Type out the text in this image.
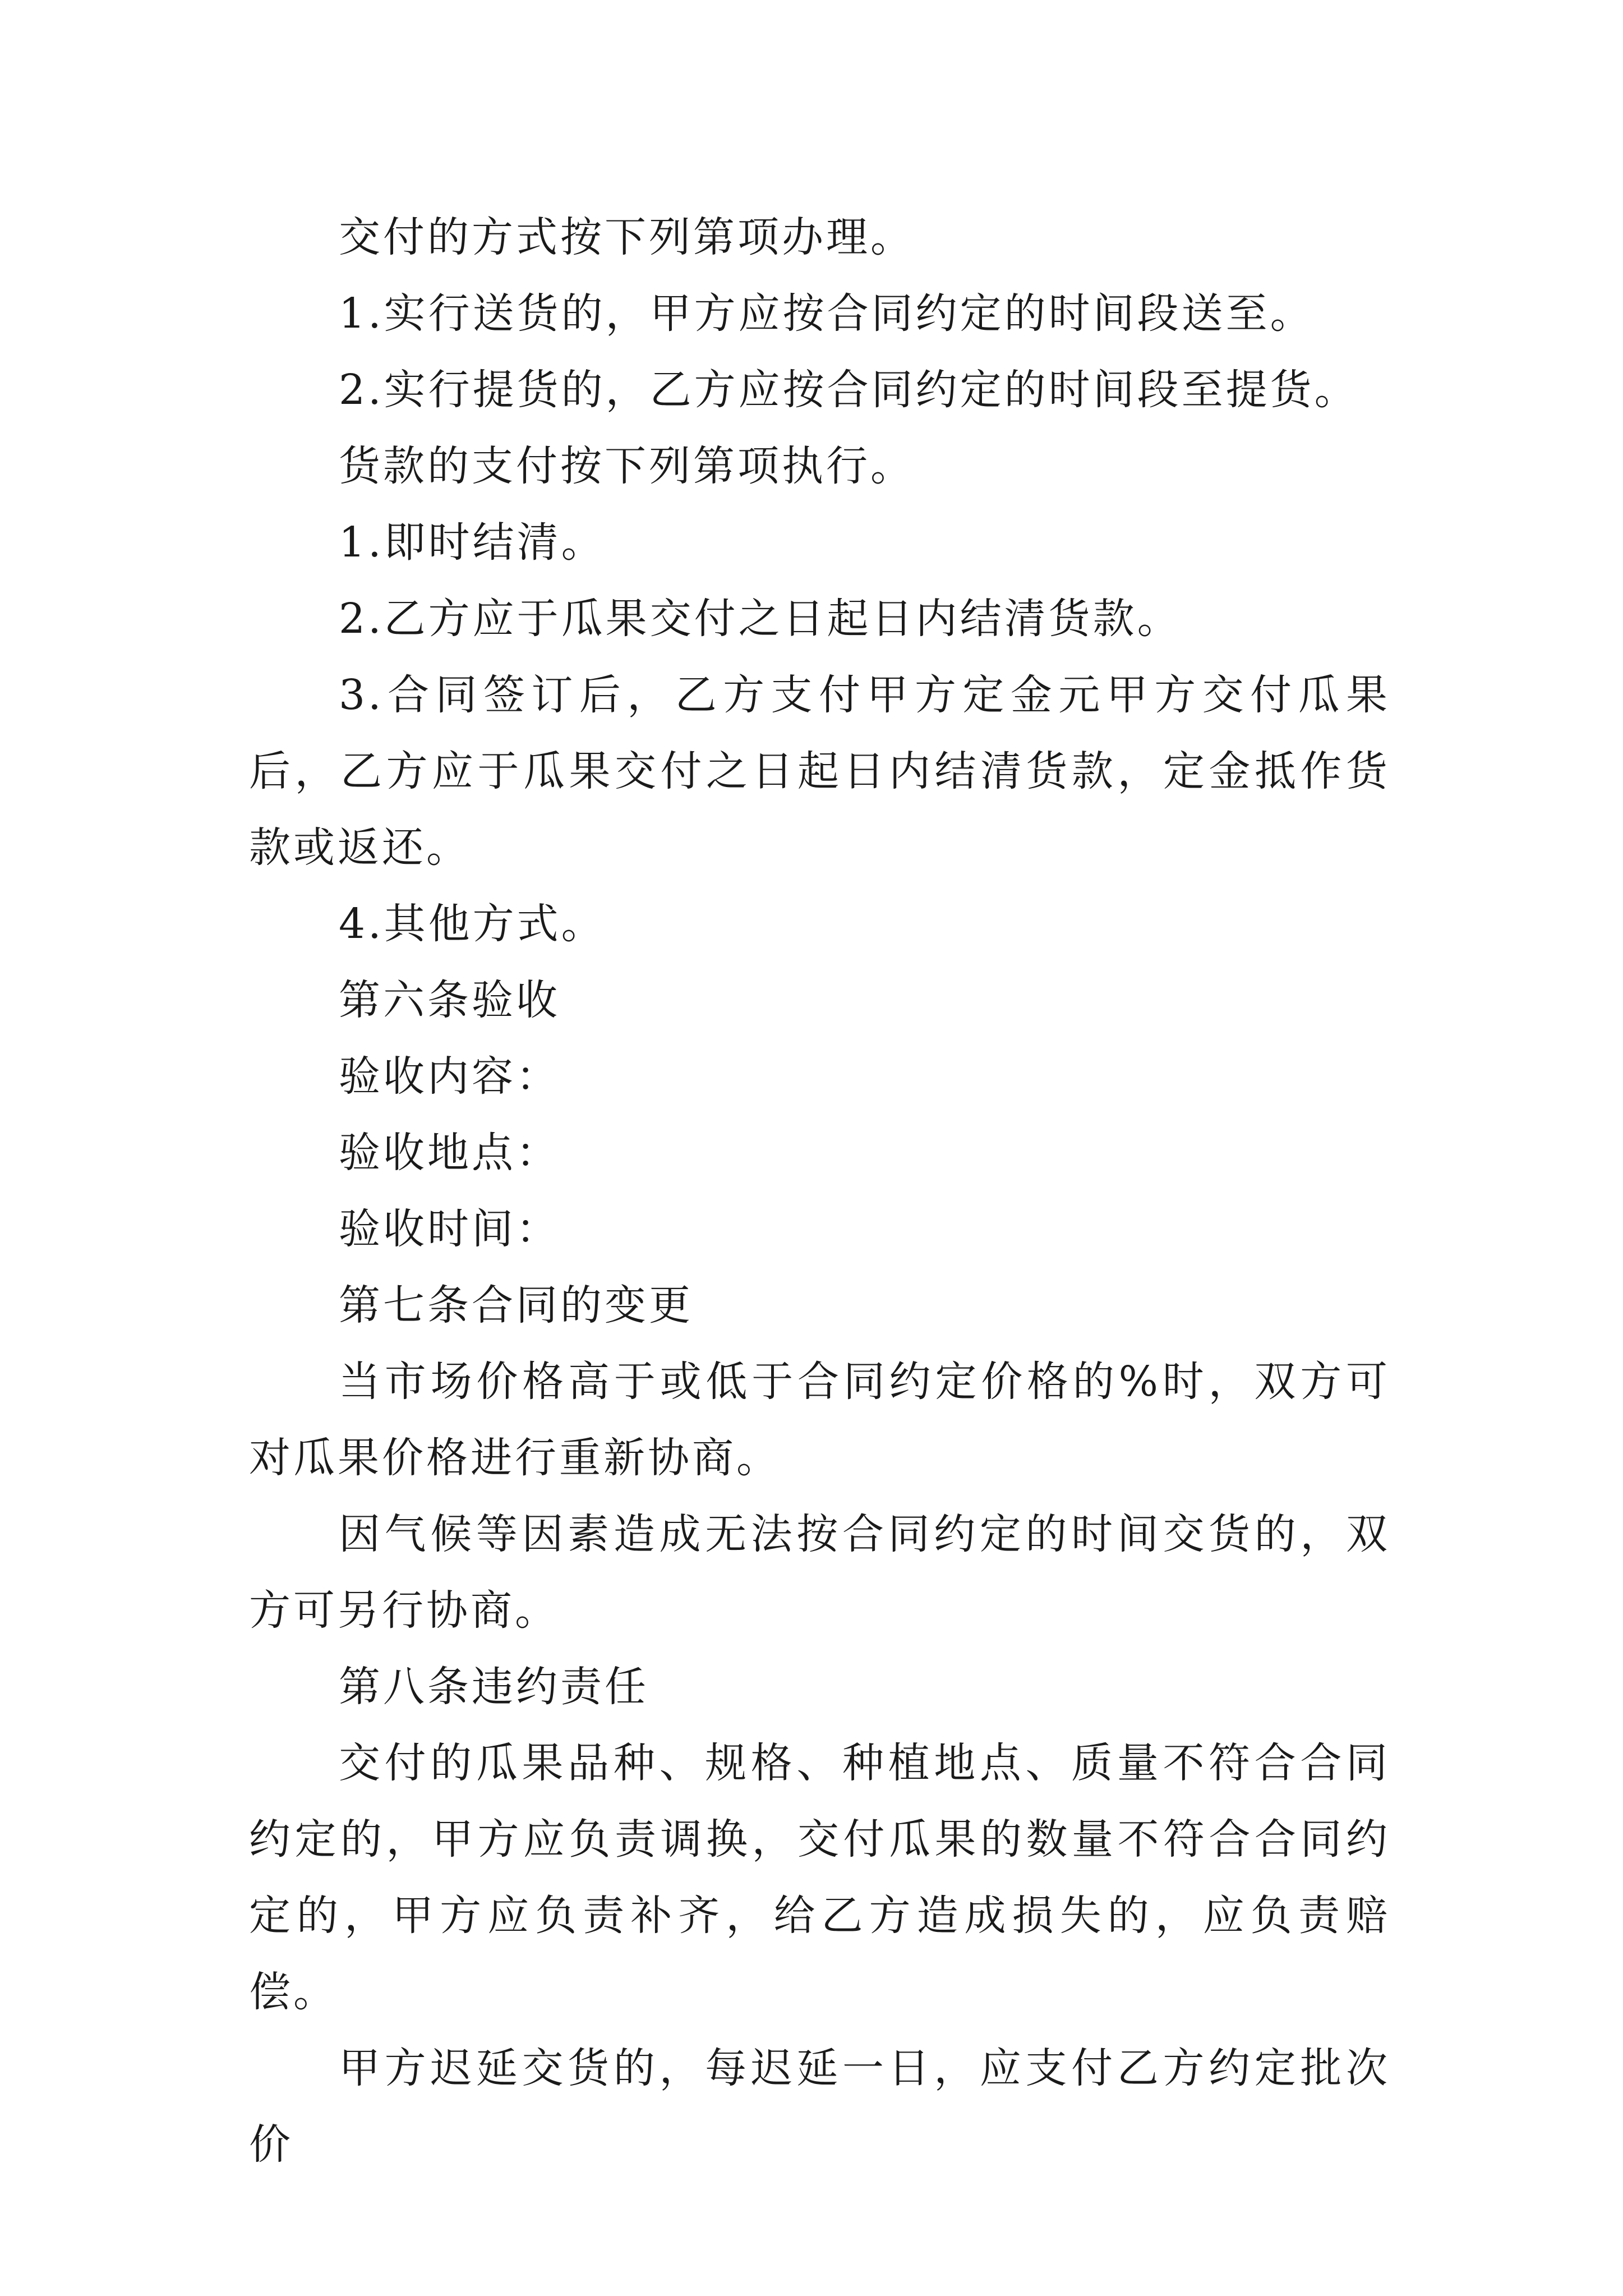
交付的方式按下列第项办理。

1.实行送货的，甲方应按合同约定的时间段送至。

2.实行提货的，乙方应按合同约定的时间段至提货。

货款的支付按下列第项执行。

1.即时结清。

2.乙方应于瓜果交付之日起日内结清货款。

3.合同签订后，乙方支付甲方定金元甲方交付瓜果后，乙方应于瓜果交付之日起日内结清货款，定金抵作货款或返还。

4.其他方式。

第六条验收

验收内容：

验收地点：

验收时间：

第七条合同的变更

当市场价格高于或低于合同约定价格的%时，双方可对瓜果价格进行重新协商。

因气候等因素造成无法按合同约定的时间交货的，双方可另行协商。

第八条违约责任

交付的瓜果品种、规格、种植地点、质量不符合合同约定的，甲方应负责调换，交付瓜果的数量不符合合同约定的，甲方应负责补齐，给乙方造成损失的，应负责赔偿。

甲方迟延交货的，每迟延一日，应支付乙方约定批次价
